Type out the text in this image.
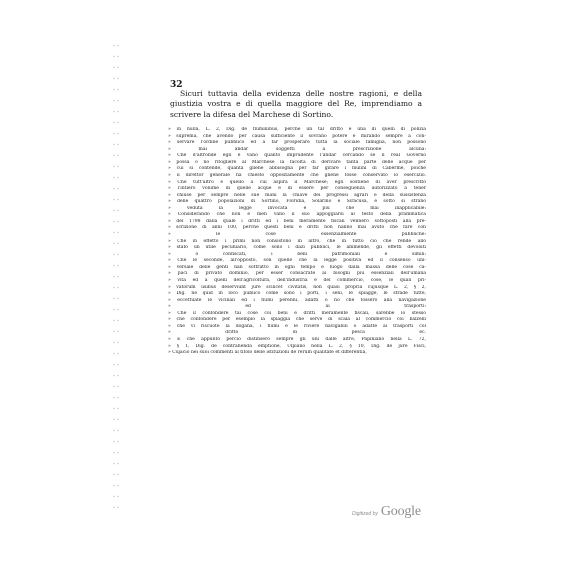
32

Sicuri tuttavia della evidenza delle nostre ragioni, e della giustizia vostra e di quella maggiore del Re, imprendiamo a scrivere la difesa del Marchese di Sortino.

» in nulla, L. 2, Dig. de fluminibus, perchè un tal dritto è una di quelli di polizia
» suprema, che avendo per causa sufficiente il sovrano potere e mirando sempre a con-
» servare l'ordine pubblico ed a far prosperare tutta la sociale famiglia, non possono
» mai andar soggetti a prescrizione alcuna:
» Che d'altronde egli è vano quanto imprudente l'andar cercando se il real Governo
» possa o no ritogliere al Marchese la facoltà di derivare tanta parte delle acque per
» cui si contende, quanta gliene abbisogna per far girare i mulini di Caberme, poichè
» il direttor generale ha chiesto oppositamente che gliene fosse conservato lo esercizio.
» Che tutt'altro è quello a cui aspira il Marchese; egli sostiene di aver prescritto
» l'intiero volume di quelle acque e di essere per conseguenza autorizzato a tener
» chiuse per sempre nelle sue mani la chiave dei progressi agrari e della sussistenza
» delle quattro popolazioni di Sortino, Floridia, Solarino e Siracusa, e sotto si strano
» veduta la legge invocata è più che mai inapplicabile:
» Considerando che non è men vano il suo appoggiarsi al testo della prammatica
» del 1798 dalla quale i dritti ed i beni meramente fiscali vennero sottoposti alla pre-
» scrizione di anni 100, perchè questi beni e dritti non hanno mai avuto che fare con
» le cose essenzialmente pubbliche:
» Che in effetto i primi non consistono in altro, che in tutto ciò che rende allo
» stato un utile pecuniario, come sono i dazi pubblici, le ammende, gli effetti devoluti
» o confiscati, i beni patrimoniali e simili:
» Che le seconde, all'opposto, son quelle che la legge positiva ed il consenso uni-
» versale delle genti han sottratto in ogni tempo e luogo dalla massa delle cose ca-
» paci di privato dominio, per esser consacrate ai bisogni più essenziali dell'umana
» vita ed a quelli dell'agricoltura, dell'industria e del commercio, cose, le quali pri-
» vatorum usibus deserviunt jure scilicet civitatis, non quasi propria cujusque L. 2, § 2,
» Dig. ne quid in loco publico come sono i porti, i seni, le spiagge, le strade tutte,
» eccettuate le vicinali ed i fiumi perenni, adatti o no che fossero alla navigazione
» ed ai trasporti:
» Che il confondere tai cose coi beni e dritti meramente fiscali, sarebbe lo stesso
» che confondere per esempio la spiaggia che serve di scala al commercio coi balzelli
» che vi riscuote la dogana, i fiumi e le riviere navigabili o adatte ai trasporti col
» dritto di pesca ec.
» E che appunto perciò distinsero sempre gli uni dalle altre, Papiniano nella L. 72,
» § 1, Dig. de contrahenda emptione, Ulpiano nella L. 2, § 10, Dig. de jure Fisci,
» Cujacio nei suoi commenti al titolo delle istituzioni de rerum qualitate et differentia,
Digitized by Google
